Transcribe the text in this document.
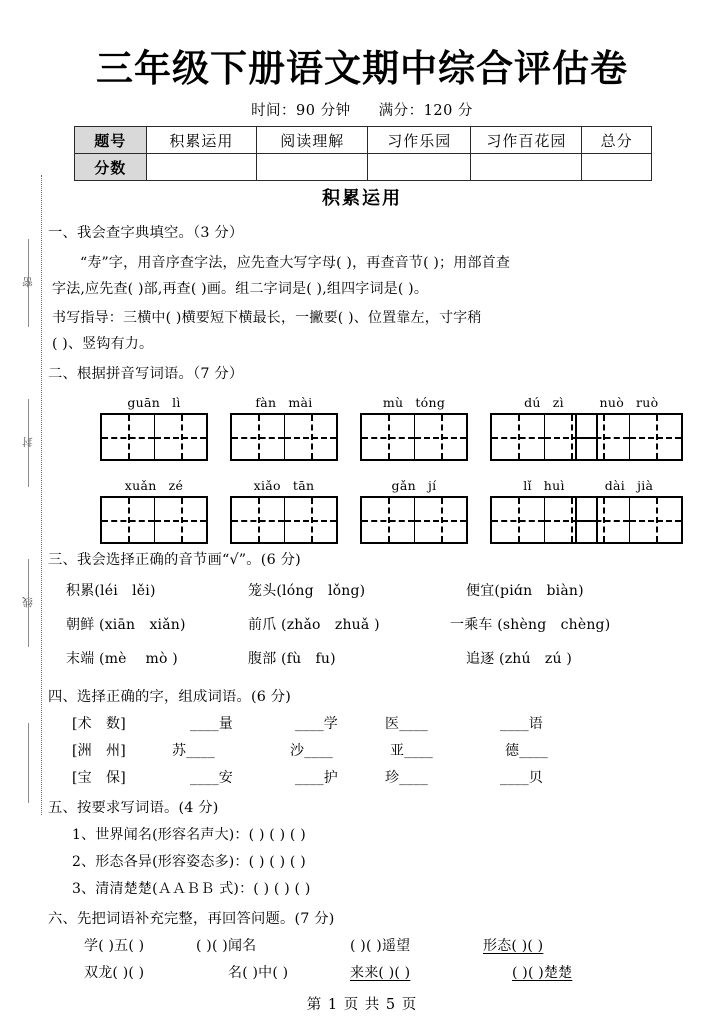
密
封
线
三年级下册语文期中综合评估卷
时间：90 分钟 满分：120 分
题号	积累运用	阅读理解	习作乐园	习作百花园	总分
分数					
积累运用
一、我会查字典填空。（3 分）
“寿”字，用音序查字法，应先查大写字母( )，再查音节( )；用部首查
字法,应先查( )部,再查( )画。组二字词是( ),组四字词是( )。
书写指导：三横中( )横要短下横最长，一撇要( )、位置靠左，寸字稍
( )、竖钩有力。
二、根据拼音写词语。（7 分）
guān lì	fàn mài	mù tóng	dú zì	nuò ruò
xuǎn zé	xiǎo tān	gǎn jí	lǐ huì	dài jià
三、我会选择正确的音节画“√”。(6 分)
积累(léi　lěi)	笼头(lóng　lǒng)	便宜(piɑ́n　biàn)
朝鲜 (xiān　xiǎn)	前爪 (zhǎo　zhuǎ )	一乘车 (shèng　chèng)
末端 (mè 　mò )	腹部 (fù　fu)	追逐 (zhú　zú )
四、选择正确的字，组成词语。(6 分)
[术　数]	____量	____学	医____	____语
[洲　州]	苏____	沙____	亚____	德____
[宝　保]	____安	____护	珍____	____贝
五、按要求写词语。(4 分)
1、世界闻名(形容名声大)：( ) ( ) ( )
2、形态各异(形容姿态多)：( ) ( ) ( )
3、清清楚楚(ＡＡＢＢ 式)：( ) ( ) ( )
六、先把词语补充完整，再回答问题。(7 分)
学( )五( )	( )( )闻名	( )( )遥望	形态( )( )
双龙( )( )	名( )中( )	来来( )( )	( )( )楚楚
第 1 页 共 5 页
